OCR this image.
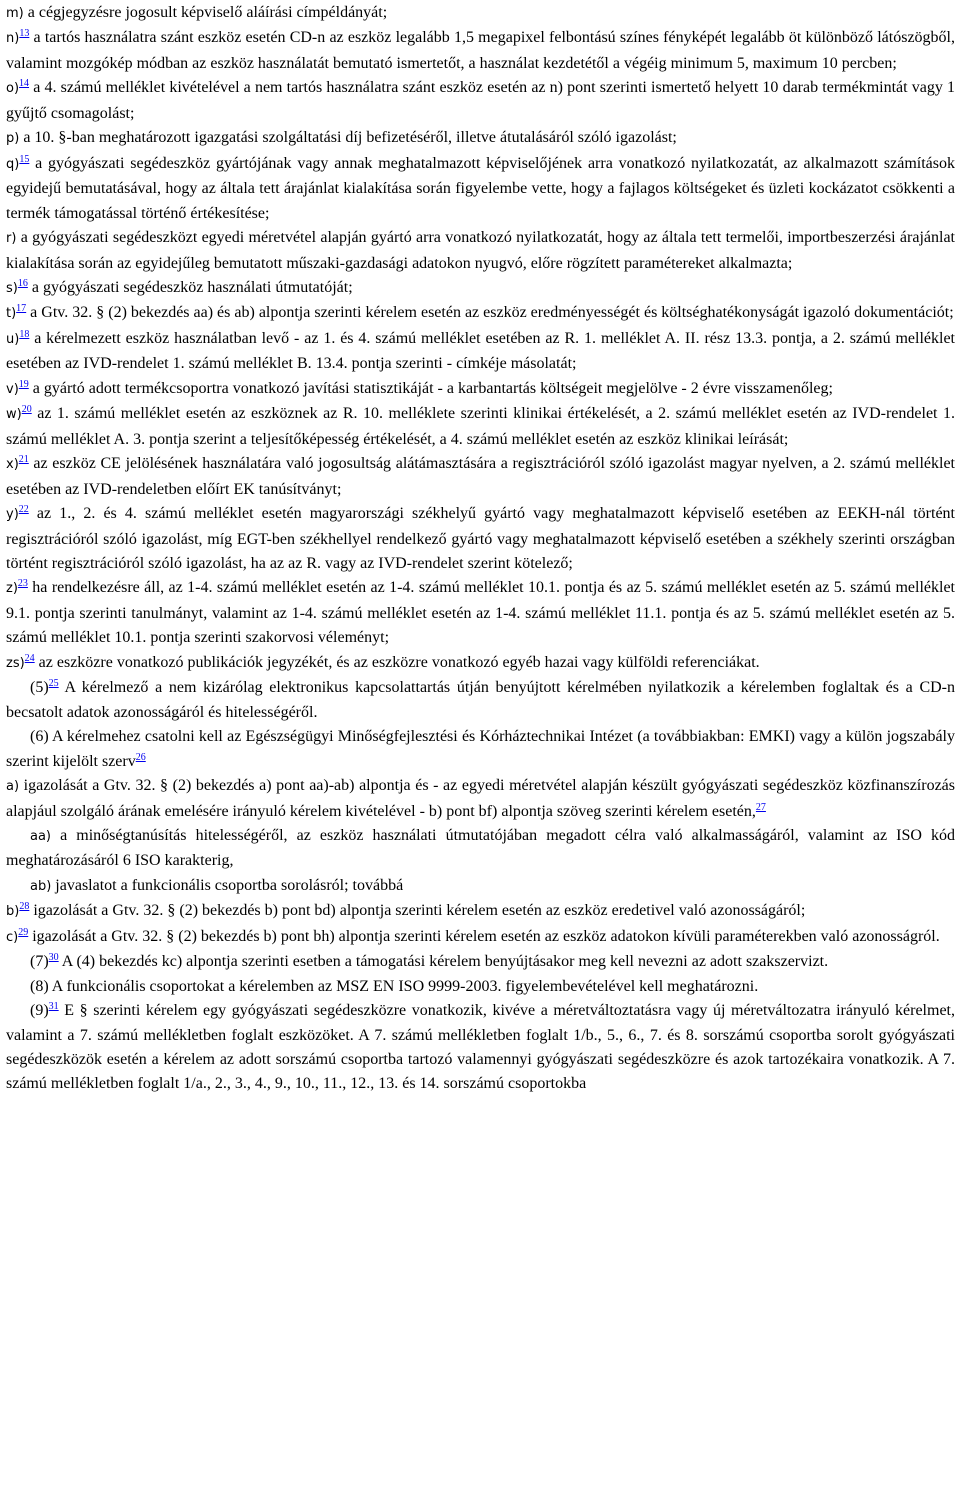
m) a cégjegyzésre jogosult képviselő aláírási címpéldányát;

n)$^{13}$ a tartós használatra szánt eszköz esetén CD-n az eszköz legalább 1,5 megapixel felbontású színes fényképét legalább öt különböző látószögből, valamint mozgókép módban az eszköz használatát bemutató ismertetőt, a használat kezdetétől a végéig minimum 5, maximum 10 percben;

o)$^{14}$ a 4. számú melléklet kivételével a nem tartós használatra szánt eszköz esetén az n) pont szerinti ismertető helyett 10 darab termékmintát vagy 1 gyűjtő csomagolást;

p) a 10. §-ban meghatározott igazgatási szolgáltatási díj befizetéséről, illetve átutalásáról szóló igazolást;

q)$^{15}$ a gyógyászati segédeszköz gyártójának vagy annak meghatalmazott képviselőjének arra vonatkozó nyilatkozatát, az alkalmazott számítások egyidejű bemutatásával, hogy az általa tett árajánlat kialakítása során figyelembe vette, hogy a fajlagos költségeket és üzleti kockázatot csökkenti a termék támogatással történő értékesítése;

r) a gyógyászati segédeszközt egyedi méretvétel alapján gyártó arra vonatkozó nyilatkozatát, hogy az általa tett termelői, importbeszerzési árajánlat kialakítása során az egyidejűleg bemutatott műszaki-gazdasági adatokon nyugvó, előre rögzített paramétereket alkalmazta;

s)$^{16}$ a gyógyászati segédeszköz használati útmutatóját;

t)$^{17}$ a Gtv. 32. § (2) bekezdés aa) és ab) alpontja szerinti kérelem esetén az eszköz eredményességét és költséghatékonyságát igazoló dokumentációt;

u)$^{18}$ a kérelmezett eszköz használatban levő - az 1. és 4. számú melléklet esetében az R. 1. melléklet A. II. rész 13.3. pontja, a 2. számú melléklet esetében az IVD-rendelet 1. számú melléklet B. 13.4. pontja szerinti - címkéje másolatát;

v)$^{19}$ a gyártó adott termékcsoportra vonatkozó javítási statisztikáját - a karbantartás költségeit megjelölve - 2 évre visszamenőleg;

w)$^{20}$ az 1. számú melléklet esetén az eszköznek az R. 10. melléklete szerinti klinikai értékelését, a 2. számú melléklet esetén az IVD-rendelet 1. számú melléklet A. 3. pontja szerint a teljesítőképesség értékelését, a 4. számú melléklet esetén az eszköz klinikai leírását;

x)$^{21}$ az eszköz CE jelölésének használatára való jogosultság alátámasztására a regisztrációról szóló igazolást magyar nyelven, a 2. számú melléklet esetében az IVD-rendeletben előírt EK tanúsítványt;

y)$^{22}$ az 1., 2. és 4. számú melléklet esetén magyarországi székhelyű gyártó vagy meghatalmazott képviselő esetében az EEKH-nál történt regisztrációról szóló igazolást, míg EGT-ben székhellyel rendelkező gyártó vagy meghatalmazott képviselő esetében a székhely szerinti országban történt regisztrációról szóló igazolást, ha az az R. vagy az IVD-rendelet szerint kötelező;

z)$^{23}$ ha rendelkezésre áll, az 1-4. számú melléklet esetén az 1-4. számú melléklet 10.1. pontja és az 5. számú melléklet esetén az 5. számú melléklet 9.1. pontja szerinti tanulmányt, valamint az 1-4. számú melléklet esetén az 1-4. számú melléklet 11.1. pontja és az 5. számú melléklet esetén az 5. számú melléklet 10.1. pontja szerinti szakorvosi véleményt;

zs)$^{24}$ az eszközre vonatkozó publikációk jegyzékét, és az eszközre vonatkozó egyéb hazai vagy külföldi referenciákat.

(5)$^{25}$ A kérelmező a nem kizárólag elektronikus kapcsolattartás útján benyújtott kérelmében nyilatkozik a kérelemben foglaltak és a CD-n becsatolt adatok azonosságáról és hitelességéről.

(6) A kérelmehez csatolni kell az Egészségügyi Minőségfejlesztési és Kórháztechnikai Intézet (a továbbiakban: EMKI) vagy a külön jogszabály szerint kijelölt szerv$^{26}$

a) igazolását a Gtv. 32. § (2) bekezdés a) pont aa)-ab) alpontja és - az egyedi méretvétel alapján készült gyógyászati segédeszköz közfinanszírozás alapjául szolgáló árának emelésére irányuló kérelem kivételével - b) pont bf) alpontja szöveg szerinti kérelem esetén,$^{27}$

aa) a minőségtanúsítás hitelességéről, az eszköz használati útmutatójában megadott célra való alkalmasságáról, valamint az ISO kód meghatározásáról 6 ISO karakterig,

ab) javaslatot a funkcionális csoportba sorolásról; továbbá

b)$^{28}$ igazolását a Gtv. 32. § (2) bekezdés b) pont bd) alpontja szerinti kérelem esetén az eszköz eredetivel való azonosságáról;

c)$^{29}$ igazolását a Gtv. 32. § (2) bekezdés b) pont bh) alpontja szerinti kérelem esetén az eszköz adatokon kívüli paraméterekben való azonosságról.

(7)$^{30}$ A (4) bekezdés kc) alpontja szerinti esetben a támogatási kérelem benyújtásakor meg kell nevezni az adott szakszervizt.

(8) A funkcionális csoportokat a kérelemben az MSZ EN ISO 9999-2003. figyelembevételével kell meghatározni.

(9)$^{31}$ E § szerinti kérelem egy gyógyászati segédeszközre vonatkozik, kivéve a méretváltoztatásra vagy új méretváltozatra irányuló kérelmet, valamint a 7. számú mellékletben foglalt eszközöket. A 7. számú mellékletben foglalt 1/b., 5., 6., 7. és 8. sorszámú csoportba sorolt gyógyászati segédeszközök esetén a kérelem az adott sorszámú csoportba tartozó valamennyi gyógyászati segédeszközre és azok tartozékaira vonatkozik. A 7. számú mellékletben foglalt 1/a., 2., 3., 4., 9., 10., 11., 12., 13. és 14. sorszámú csoportokba
